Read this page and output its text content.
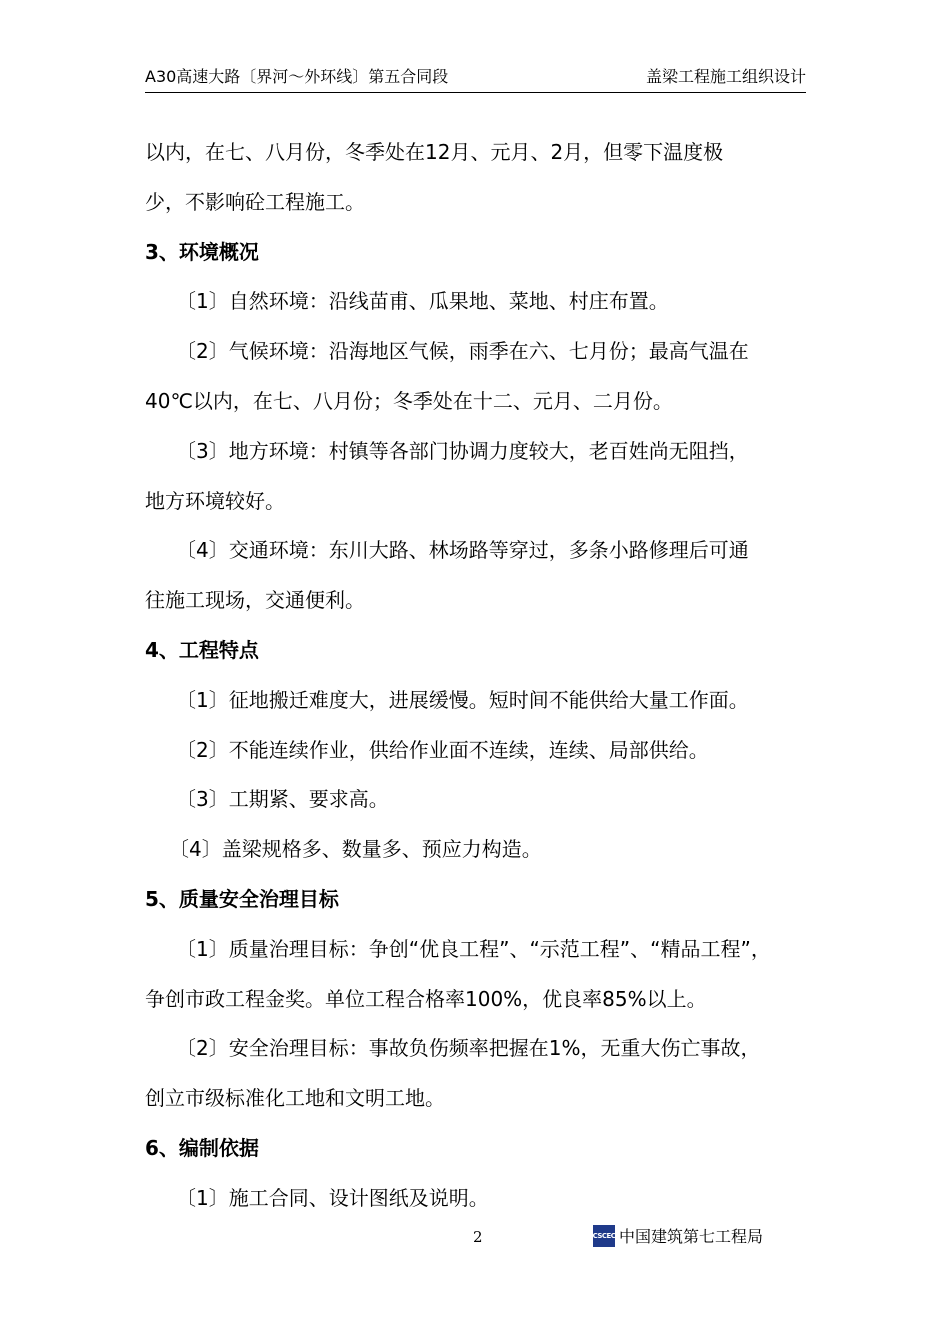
A30高速大路〔界河～外环线〕第五合同段	盖梁工程施工组织设计
以内，在七、八月份，冬季处在12月、元月、2月，但零下温度极
少，不影响砼工程施工。
3、环境概况
〔1〕自然环境：沿线苗甫、瓜果地、菜地、村庄布置。
〔2〕气候环境：沿海地区气候，雨季在六、七月份；最高气温在
40℃以内，在七、八月份；冬季处在十二、元月、二月份。
〔3〕地方环境：村镇等各部门协调力度较大，老百姓尚无阻挡，
地方环境较好。
〔4〕交通环境：东川大路、林场路等穿过，多条小路修理后可通
往施工现场，交通便利。
4、工程特点
〔1〕征地搬迁难度大，进展缓慢。短时间不能供给大量工作面。
〔2〕不能连续作业，供给作业面不连续，连续、局部供给。
〔3〕工期紧、要求高。
〔4〕盖梁规格多、数量多、预应力构造。
5、质量安全治理目标
〔1〕质量治理目标：争创“优良工程”、“示范工程”、“精品工程”，
争创市政工程金奖。单位工程合格率100%，优良率85%以上。
〔2〕安全治理目标：事故负伤频率把握在1%，无重大伤亡事故，
创立市级标准化工地和文明工地。
6、编制依据
〔1〕施工合同、设计图纸及说明。
2	CSCEC 中国建筑第七工程局
